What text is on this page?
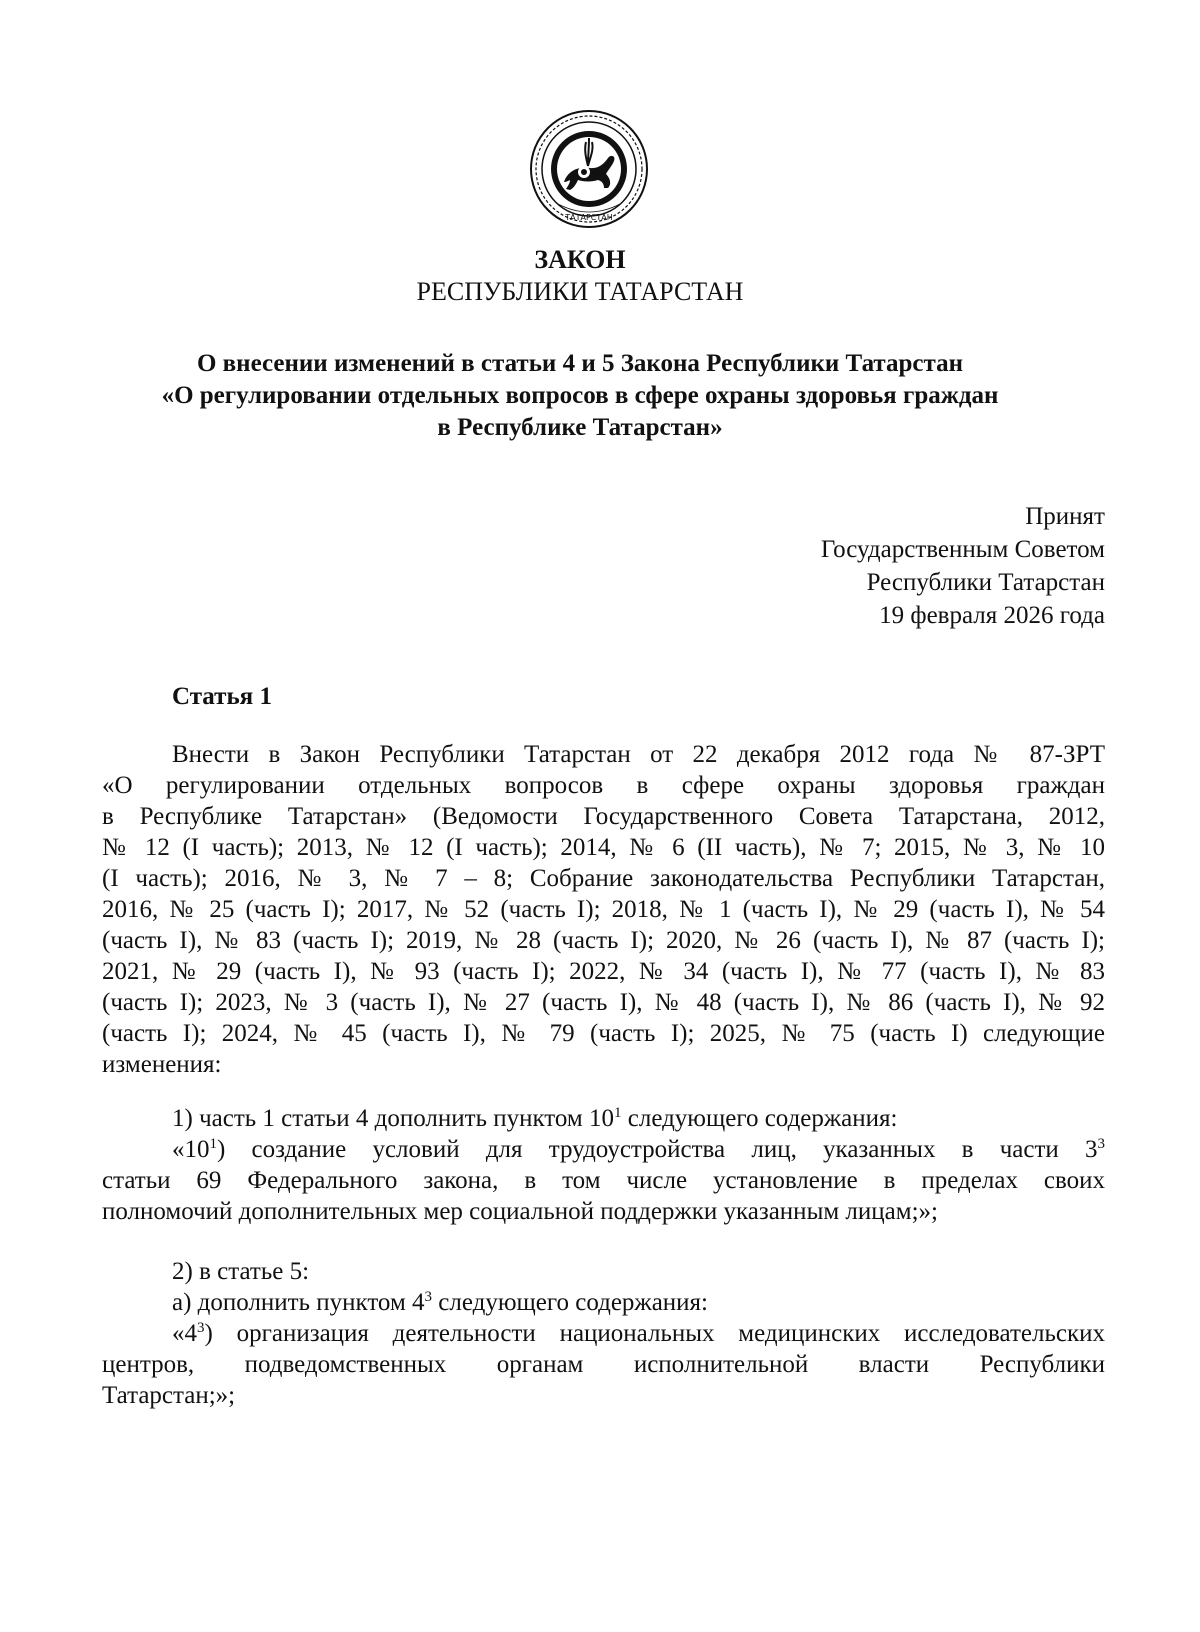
ТАТАРСТАН
ЗАКОН
РЕСПУБЛИКИ ТАТАРСТАН
О внесении изменений в статьи 4 и 5 Закона Республики Татарстан
«О регулировании отдельных вопросов в сфере охраны здоровья граждан
в Республике Татарстан»
Принят
Государственным Советом
Республики Татарстан
19 февраля 2026 года
Статья 1
Внести в Закон Республики Татарстан от 22 декабря 2012 года № 87-ЗРТ
«О регулировании отдельных вопросов в сфере охраны здоровья граждан
в Республике Татарстан» (Ведомости Государственного Совета Татарстана, 2012,
№ 12 (I часть); 2013, № 12 (I часть); 2014, № 6 (II часть), № 7; 2015, № 3, № 10
(I часть); 2016, № 3, № 7 – 8; Собрание законодательства Республики Татарстан,
2016, № 25 (часть I); 2017, № 52 (часть I); 2018, № 1 (часть I), № 29 (часть I), № 54
(часть I), № 83 (часть I); 2019, № 28 (часть I); 2020, № 26 (часть I), № 87 (часть I);
2021, № 29 (часть I), № 93 (часть I); 2022, № 34 (часть I), № 77 (часть I), № 83
(часть I); 2023, № 3 (часть I), № 27 (часть I), № 48 (часть I), № 86 (часть I), № 92
(часть I); 2024, № 45 (часть I), № 79 (часть I); 2025, № 75 (часть I) следующие
изменения:
1) часть 1 статьи 4 дополнить пунктом $10^1$ следующего содержания:
«$10^1$) создание условий для трудоустройства лиц, указанных в части $3^3$
статьи 69 Федерального закона, в том числе установление в пределах своих
полномочий дополнительных мер социальной поддержки указанным лицам;»;
2) в статье 5:
а) дополнить пунктом $4^3$ следующего содержания:
«$4^3$) организация деятельности национальных медицинских исследовательских
центров, подведомственных органам исполнительной власти Республики
Татарстан;»;
